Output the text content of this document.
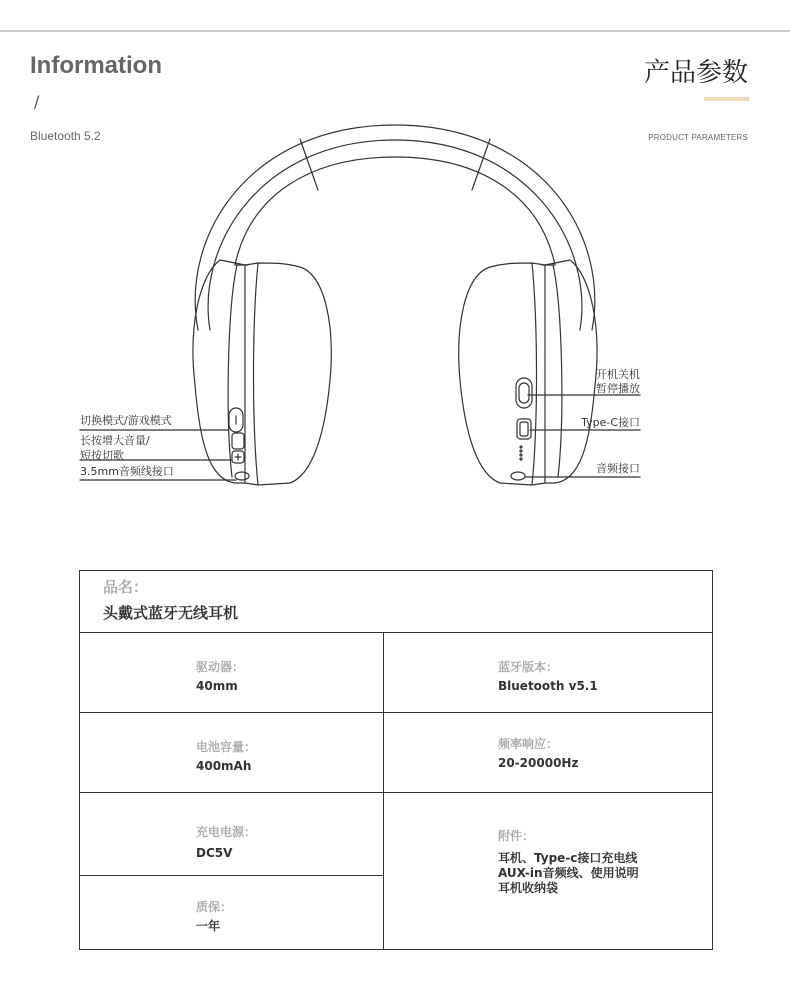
Information
/
Bluetooth 5.2
产品参数
PRODUCT PARAMETERS
切换模式/游戏模式
长按增大音量/
短按切歌
3.5mm音频线接口
开机关机
暂停播放
Type-C接口
音频接口
品名：
头戴式蓝牙无线耳机
驱动器：
40mm
蓝牙版本：
Bluetooth v5.1
电池容量：
400mAh
频率响应：
20-20000Hz
充电电源：
DC5V
附件：
耳机、Type-c接口充电线
AUX-in音频线、使用说明
耳机收纳袋
质保：
一年
